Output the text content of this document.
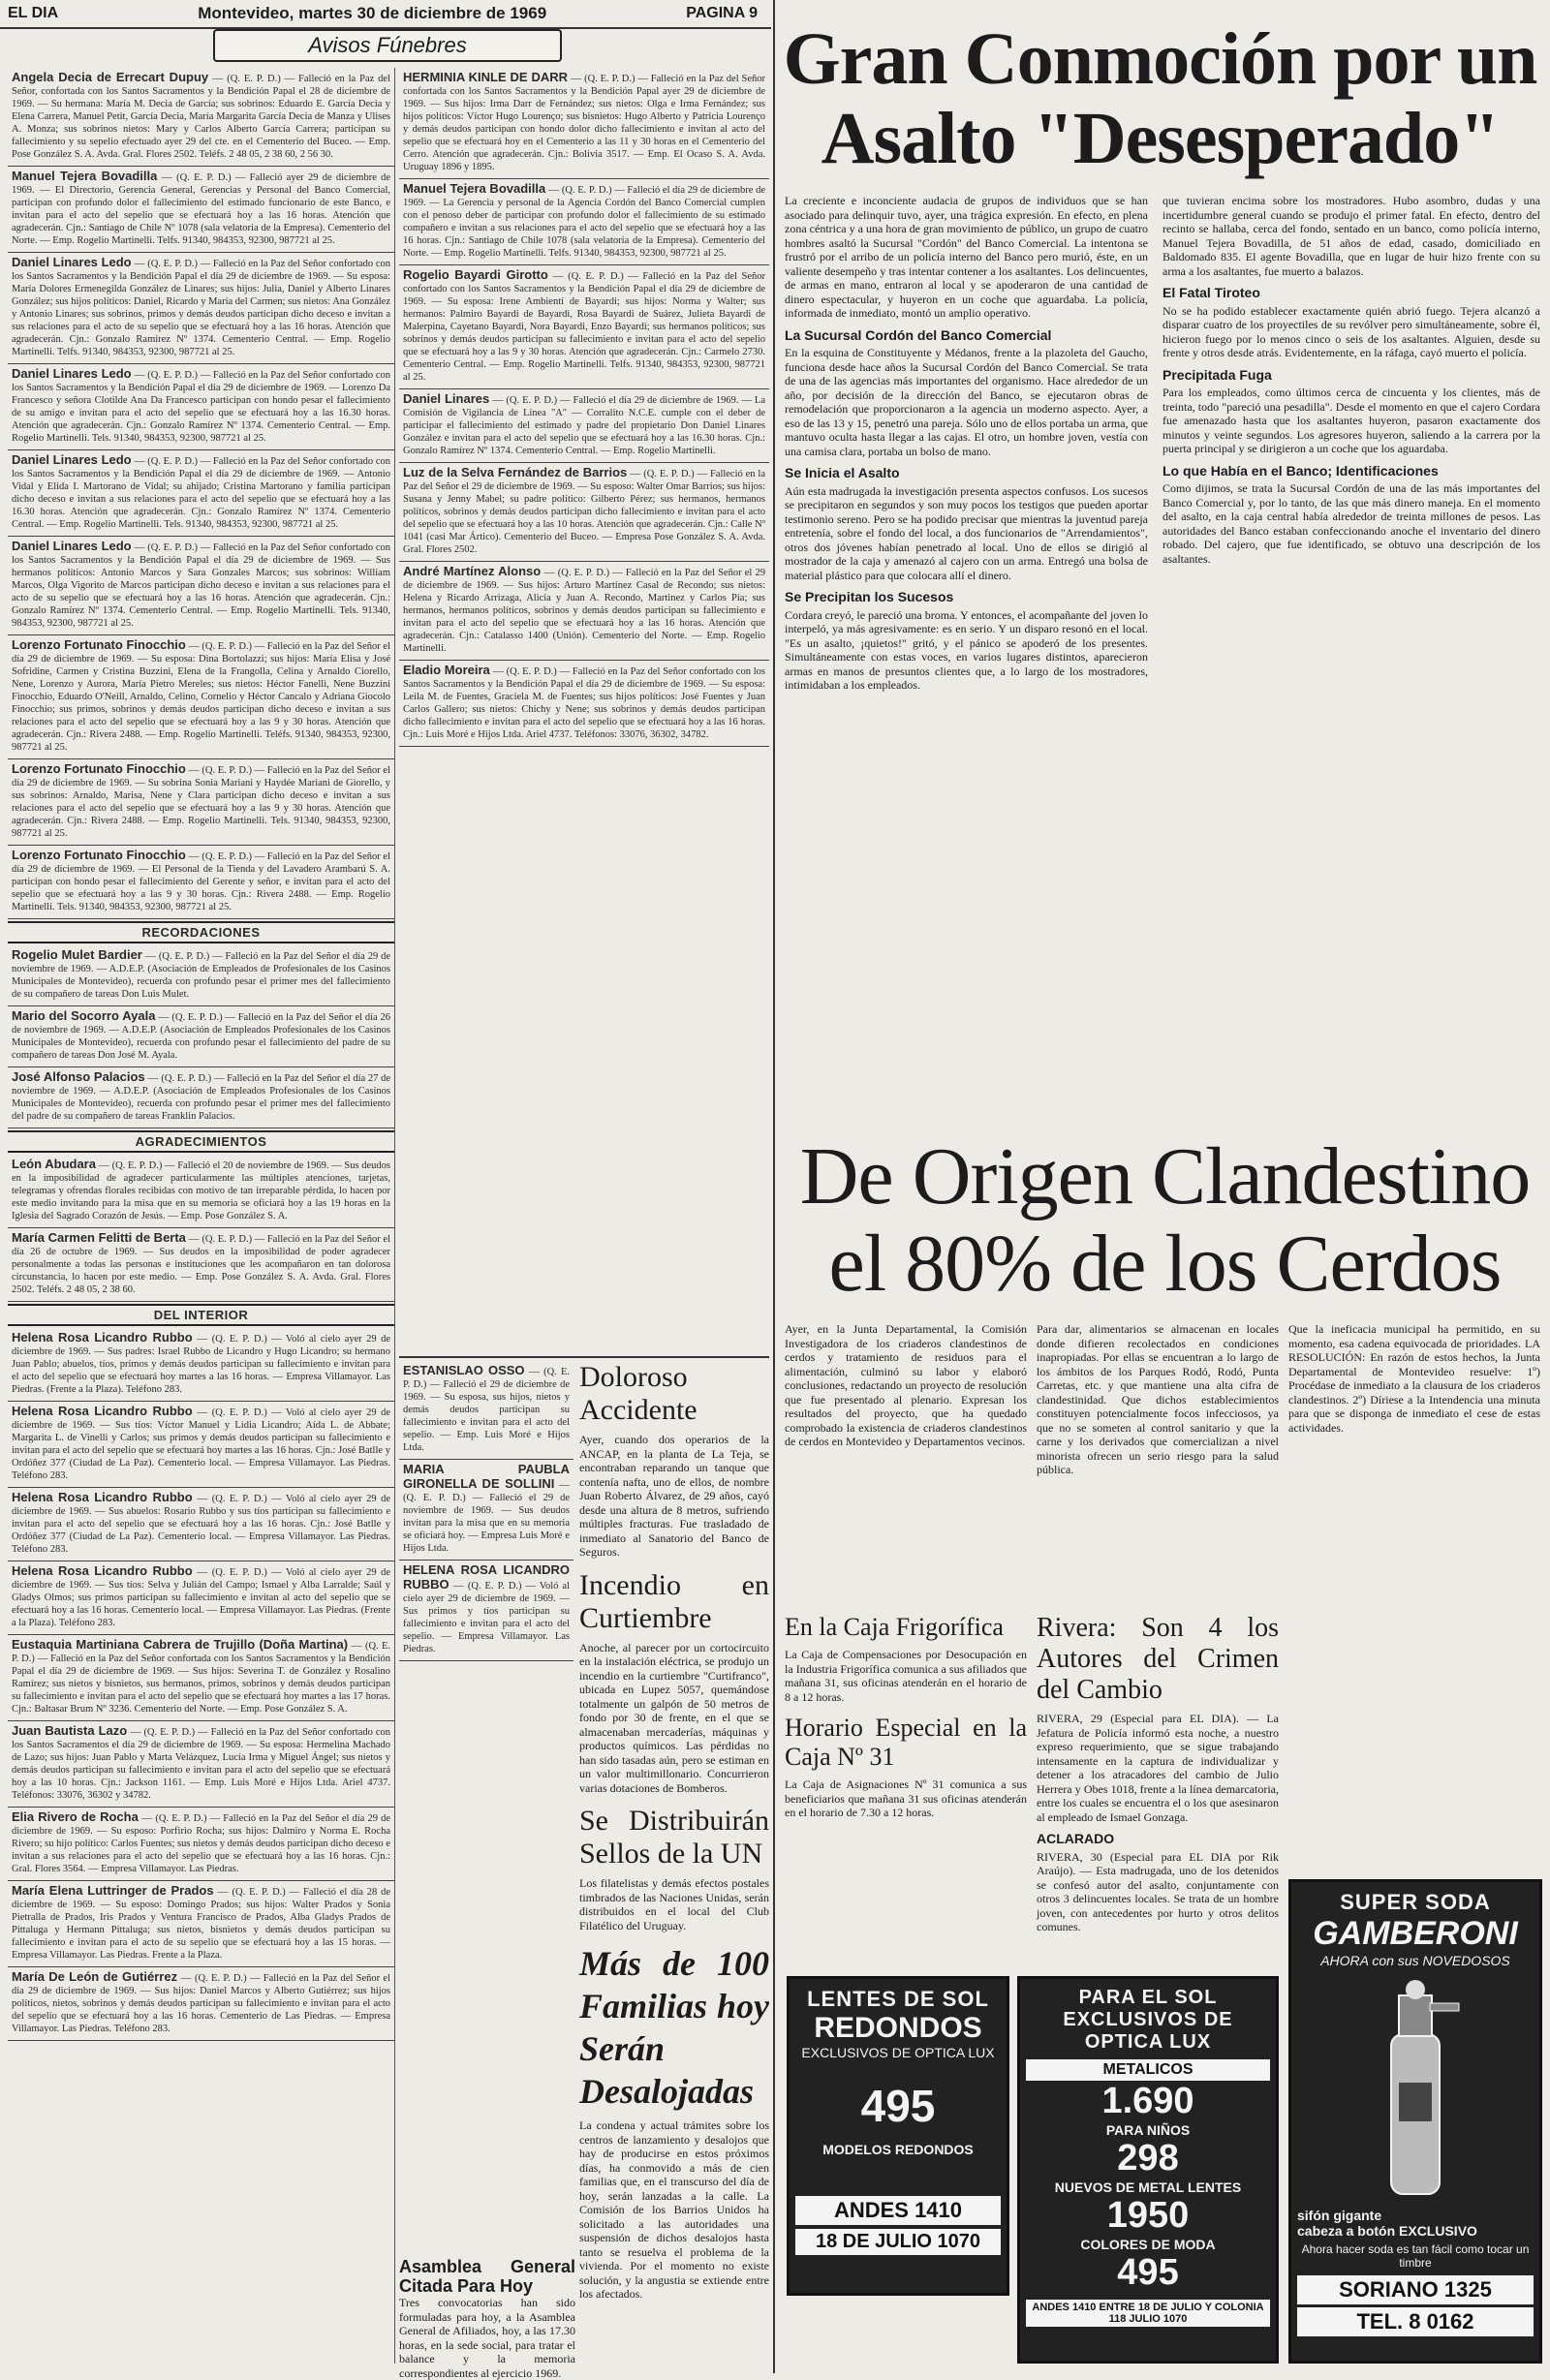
EL DIA	Montevideo, martes 30 de diciembre de 1969	PAGINA 9
Avisos Fúnebres
Angela Decia de Errecart Dupuy — (Q. E. P. D.) — Falleció en la Paz del Señor, confortada con los Santos Sacramentos y la Bendición Papal el 28 de diciembre de 1969. — Su hermana: María M. Decia de García; sus sobrinos: Eduardo E. García Decia y Elena Carrera, Manuel Petit, García Decia, María Margarita García Decia de Manza y Ulises A. Monza; sus sobrinos nietos: Mary y Carlos Alberto García Carrera; participan su fallecimiento y su sepelio efectuado ayer 29 del cte. en el Cementerio del Buceo. — Emp. Pose González S. A. Avda. Gral. Flores 2502. Teléfs. 2 48 05, 2 38 60, 2 56 30.
Manuel Tejera Bovadilla — (Q. E. P. D.) — Falleció ayer 29 de diciembre de 1969. — El Directorio, Gerencia General, Gerencias y Personal del Banco Comercial, participan con profundo dolor el fallecimiento del estimado funcionario de este Banco, e invitan para el acto del sepelio que se efectuará hoy a las 16 horas. Atención que agradecerán. Cjn.: Santiago de Chile Nº 1078 (sala velatoria de la Empresa). Cementerio del Norte. — Emp. Rogelio Martinelli. Telfs. 91340, 984353, 92300, 987721 al 25.
Daniel Linares Ledo — (Q. E. P. D.) — Falleció en la Paz del Señor confortado con los Santos Sacramentos y la Bendición Papal el día 29 de diciembre de 1969. — Su esposa: María Dolores Ermenegilda González de Linares; sus hijos: Julia, Daniel y Alberto Linares González; sus hijos políticos: Daniel, Ricardo y María del Carmen; sus nietos: Ana González y Antonio Linares; sus sobrinos, primos y demás deudos participan dicho deceso e invitan a sus relaciones para el acto de su sepelio que se efectuará hoy a las 16 horas. Atención que agradecerán. Cjn.: Gonzalo Ramírez Nº 1374. Cementerio Central. — Emp. Rogelio Martinelli. Telfs. 91340, 984353, 92300, 987721 al 25.
Daniel Linares Ledo — (Q. E. P. D.) — Falleció en la Paz del Señor confortado con los Santos Sacramentos y la Bendición Papal el día 29 de diciembre de 1969. — Lorenzo Da Francesco y señora Clotilde Ana Da Francesco participan con hondo pesar el fallecimiento de su amigo e invitan para el acto del sepelio que se efectuará hoy a las 16.30 horas. Atención que agradecerán. Cjn.: Gonzalo Ramírez Nº 1374. Cementerio Central. — Emp. Rogelio Martinelli. Tels. 91340, 984353, 92300, 987721 al 25.
Daniel Linares Ledo — (Q. E. P. D.) — Falleció en la Paz del Señor confortado con los Santos Sacramentos y la Bendición Papal el día 29 de diciembre de 1969. — Antonio Vidal y Elida I. Martorano de Vidal; su ahijado; Cristina Martorano y familia participan dicho deceso e invitan a sus relaciones para el acto del sepelio que se efectuará hoy a las 16.30 horas. Atención que agradecerán. Cjn.: Gonzalo Ramírez Nº 1374. Cementerio Central. — Emp. Rogelio Martinelli. Tels. 91340, 984353, 92300, 987721 al 25.
Daniel Linares Ledo — (Q. E. P. D.) — Falleció en la Paz del Señor confortado con los Santos Sacramentos y la Bendición Papal el día 29 de diciembre de 1969. — Sus hermanos políticos: Antonio Marcos y Sara Gonzales Marcos; sus sobrinos: William Marcos, Olga Vigorito de Marcos participan dicho deceso e invitan a sus relaciones para el acto de su sepelio que se efectuará hoy a las 16 horas. Atención que agradecerán. Cjn.: Gonzalo Ramírez Nº 1374. Cementerio Central. — Emp. Rogelio Martinelli. Tels. 91340, 984353, 92300, 987721 al 25.
Lorenzo Fortunato Finocchio — (Q. E. P. D.) — Falleció en la Paz del Señor el día 29 de diciembre de 1969. — Su esposa: Dina Bortolazzi; sus hijos: María Elisa y José Sofridine, Carmen y Cristina Buzzini, Elena de la Frangolla, Celina y Arnaldo Ciorello, Nene, Lorenzo y Aurora, María Pietro Mereles; sus nietos: Héctor Fanelli, Nene Buzzini Finocchio, Eduardo O'Neill, Arnaldo, Celino, Cornelio y Héctor Cancalo y Adriana Giocolo Finocchio; sus primos, sobrinos y demás deudos participan dicho deceso e invitan a sus relaciones para el acto del sepelio que se efectuará hoy a las 9 y 30 horas. Atención que agradecerán. Cjn.: Rivera 2488. — Emp. Rogelio Martinelli. Teléfs. 91340, 984353, 92300, 987721 al 25.
Lorenzo Fortunato Finocchio — (Q. E. P. D.) — Falleció en la Paz del Señor el día 29 de diciembre de 1969. — Su sobrina Sonia Mariani y Haydée Mariani de Giorello, y sus sobrinos: Arnaldo, Marisa, Nene y Clara participan dicho deceso e invitan a sus relaciones para el acto del sepelio que se efectuará hoy a las 9 y 30 horas. Atención que agradecerán. Cjn.: Rivera 2488. — Emp. Rogelio Martinelli. Tels. 91340, 984353, 92300, 987721 al 25.
Lorenzo Fortunato Finocchio — (Q. E. P. D.) — Falleció en la Paz del Señor el día 29 de diciembre de 1969. — El Personal de la Tienda y del Lavadero Arambarú S. A. participan con hondo pesar el fallecimiento del Gerente y señor, e invitan para el acto del sepelio que se efectuará hoy a las 9 y 30 horas. Cjn.: Rivera 2488. — Emp. Rogelio Martinelli. Tels. 91340, 984353, 92300, 987721 al 25.
RECORDACIONES
Rogelio Mulet Bardier — (Q. E. P. D.) — Falleció en la Paz del Señor el día 29 de noviembre de 1969. — A.D.E.P. (Asociación de Empleados de Profesionales de los Casinos Municipales de Montevideo), recuerda con profundo pesar el primer mes del fallecimiento de su compañero de tareas Don Luis Mulet.
Mario del Socorro Ayala — (Q. E. P. D.) — Falleció en la Paz del Señor el día 26 de noviembre de 1969. — A.D.E.P. (Asociación de Empleados Profesionales de los Casinos Municipales de Montevideo), recuerda con profundo pesar el fallecimiento del padre de su compañero de tareas Don José M. Ayala.
José Alfonso Palacios — (Q. E. P. D.) — Falleció en la Paz del Señor el día 27 de noviembre de 1969. — A.D.E.P. (Asociación de Empleados Profesionales de los Casinos Municipales de Montevideo), recuerda con profundo pesar el primer mes del fallecimiento del padre de su compañero de tareas Franklin Palacios.
AGRADECIMIENTOS
León Abudara — (Q. E. P. D.) — Falleció el 20 de noviembre de 1969. — Sus deudos en la imposibilidad de agradecer particularmente las múltiples atenciones, tarjetas, telegramas y ofrendas florales recibidas con motivo de tan irreparable pérdida, lo hacen por este medio invitando para la misa que en su memoria se oficiará hoy a las 19 horas en la Iglesia del Sagrado Corazón de Jesús. — Emp. Pose González S. A.
María Carmen Felitti de Berta — (Q. E. P. D.) — Falleció en la Paz del Señor el día 26 de octubre de 1969. — Sus deudos en la imposibilidad de poder agradecer personalmente a todas las personas e instituciones que les acompañaron en tan dolorosa circunstancia, lo hacen por este medio. — Emp. Pose González S. A. Avda. Gral. Flores 2502. Teléfs. 2 48 05, 2 38 60.
DEL INTERIOR
Helena Rosa Licandro Rubbo — (Q. E. P. D.) — Voló al cielo ayer 29 de diciembre de 1969. — Sus padres: Israel Rubbo de Licandro y Hugo Licandro; su hermano Juan Pablo; abuelos, tíos, primos y demás deudos participan su fallecimiento e invitan para el acto del sepelio que se efectuará hoy martes a las 16 horas. — Empresa Villamayor. Las Piedras. (Frente a la Plaza). Teléfono 283.
Helena Rosa Licandro Rubbo — (Q. E. P. D.) — Voló al cielo ayer 29 de diciembre de 1969. — Sus tíos: Víctor Manuel y Lidia Licandro; Aída L. de Abbate; Margarita L. de Vinelli y Carlos; sus primos y demás deudos participan su fallecimiento e invitan para el acto del sepelio que se efectuará hoy martes a las 16 horas. Cjn.: José Batlle y Ordóñez 377 (Ciudad de La Paz). Cementerio local. — Empresa Villamayor. Las Piedras. Teléfono 283.
Helena Rosa Licandro Rubbo — (Q. E. P. D.) — Voló al cielo ayer 29 de diciembre de 1969. — Sus abuelos: Rosario Rubbo y sus tíos participan su fallecimiento e invitan para el acto del sepelio que se efectuará hoy a las 16 horas. Cjn.: José Batlle y Ordóñez 377 (Ciudad de La Paz). Cementerio local. — Empresa Villamayor. Las Piedras. Teléfono 283.
Helena Rosa Licandro Rubbo — (Q. E. P. D.) — Voló al cielo ayer 29 de diciembre de 1969. — Sus tíos: Selva y Julián del Campo; Ismael y Alba Larralde; Saúl y Gladys Olmos; sus primos participan su fallecimiento e invitan al acto del sepelio que se efectuará hoy a las 16 horas. Cementerio local. — Empresa Villamayor. Las Piedras. (Frente a la Plaza). Teléfono 283.
Eustaquia Martiniana Cabrera de Trujillo (Doña Martina) — (Q. E. P. D.) — Falleció en la Paz del Señor confortada con los Santos Sacramentos y la Bendición Papal el día 29 de diciembre de 1969. — Sus hijos: Severina T. de González y Rosalino Ramírez; sus nietos y bisnietos, sus hermanos, primos, sobrinos y demás deudos participan su fallecimiento e invitan para el acto del sepelio que se efectuará hoy martes a las 17 horas. Cjn.: Baltasar Brum Nº 3236. Cementerio del Norte. — Emp. Pose González S. A.
Juan Bautista Lazo — (Q. E. P. D.) — Falleció en la Paz del Señor confortado con los Santos Sacramentos el día 29 de diciembre de 1969. — Su esposa: Hermelina Machado de Lazo; sus hijos: Juan Pablo y Marta Velázquez, Lucía Irma y Miguel Ángel; sus nietos y demás deudos participan su fallecimiento e invitan para el acto del sepelio que se efectuará hoy a las 10 horas. Cjn.: Jackson 1161. — Emp. Luis Moré e Hijos Ltda. Ariel 4737. Teléfonos: 33076, 36302 y 34782.
Elia Rivero de Rocha — (Q. E. P. D.) — Falleció en la Paz del Señor el día 29 de diciembre de 1969. — Su esposo: Porfirio Rocha; sus hijos: Dalmiro y Norma E. Rocha Rivero; su hijo político: Carlos Fuentes; sus nietos y demás deudos participan dicho deceso e invitan a sus relaciones para el acto del sepelio que se efectuará hoy a las 16 horas. Cjn.: Gral. Flores 3564. — Empresa Villamayor. Las Piedras.
María Elena Luttringer de Prados — (Q. E. P. D.) — Falleció el día 28 de diciembre de 1969. — Su esposo: Domingo Prados; sus hijos: Walter Prados y Sonia Pietralla de Prados, Iris Prados y Ventura Francisco de Prados, Alba Gladys Prados de Pittaluga y Hermann Pittaluga; sus nietos, bisnietos y demás deudos participan su fallecimiento e invitan para el acto de su sepelio que se efectuará hoy a las 15 horas. — Empresa Villamayor. Las Piedras. Frente a la Plaza.
María De León de Gutiérrez — (Q. E. P. D.) — Falleció en la Paz del Señor el día 29 de diciembre de 1969. — Sus hijos: Daniel Marcos y Alberto Gutiérrez; sus hijos políticos, nietos, sobrinos y demás deudos participan su fallecimiento e invitan para el acto del sepelio que se efectuará hoy a las 16 horas. Cementerio de Las Piedras. — Empresa Villamayor. Las Piedras. Teléfono 283.
HERMINIA KINLE DE DARR — (Q. E. P. D.) — Falleció en la Paz del Señor confortada con los Santos Sacramentos y la Bendición Papal ayer 29 de diciembre de 1969. — Sus hijos: Irma Darr de Fernández; sus nietos: Olga e Irma Fernández; sus hijos políticos: Víctor Hugo Lourenço; sus bisnietos: Hugo Alberto y Patricia Lourenço y demás deudos participan con hondo dolor dicho fallecimiento e invitan al acto del sepelio que se efectuará hoy en el Cementerio a las 11 y 30 horas en el Cementerio del Cerro. Atención que agradecerán. Cjn.: Bolivia 3517. — Emp. El Ocaso S. A. Avda. Uruguay 1896 y 1895.
Manuel Tejera Bovadilla — (Q. E. P. D.) — Falleció el día 29 de diciembre de 1969. — La Gerencia y personal de la Agencia Cordón del Banco Comercial cumplen con el penoso deber de participar con profundo dolor el fallecimiento de su estimado compañero e invitan a sus relaciones para el acto del sepelio que se efectuará hoy a las 16 horas. Cjn.: Santiago de Chile 1078 (sala velatoria de la Empresa). Cementerio del Norte. — Emp. Rogelio Martinelli. Telfs. 91340, 984353, 92300, 987721 al 25.
Rogelio Bayardi Girotto — (Q. E. P. D.) — Falleció en la Paz del Señor confortado con los Santos Sacramentos y la Bendición Papal el día 29 de diciembre de 1969. — Su esposa: Irene Ambientí de Bayardi; sus hijos: Norma y Walter; sus hermanos: Palmiro Bayardi de Bayardi, Rosa Bayardi de Suárez, Julieta Bayardi de Malerpina, Cayetano Bayardi, Nora Bayardi, Enzo Bayardi; sus hermanos políticos; sus sobrinos y demás deudos participan su fallecimiento e invitan para el acto del sepelio que se efectuará hoy a las 9 y 30 horas. Atención que agradecerán. Cjn.: Carmelo 2730. Cementerio Central. — Emp. Rogelio Martinelli. Telfs. 91340, 984353, 92300, 987721 al 25.
Daniel Linares — (Q. E. P. D.) — Falleció el día 29 de diciembre de 1969. — La Comisión de Vigilancia de Línea "A" — Corralito N.C.E. cumple con el deber de participar el fallecimiento del estimado y padre del propietario Don Daniel Linares González e invitan para el acto del sepelio que se efectuará hoy a las 16.30 horas. Cjn.: Gonzalo Ramírez Nº 1374. Cementerio Central. — Emp. Rogelio Martinelli.
Luz de la Selva Fernández de Barrios — (Q. E. P. D.) — Falleció en la Paz del Señor el 29 de diciembre de 1969. — Su esposo: Walter Omar Barrios; sus hijos: Susana y Jenny Mabel; su padre político: Gilberto Pérez; sus hermanos, hermanos políticos, sobrinos y demás deudos participan dicho fallecimiento e invitan para el acto del sepelio que se efectuará hoy a las 10 horas. Atención que agradecerán. Cjn.: Calle Nº 1041 (casi Mar Ártico). Cementerio del Buceo. — Empresa Pose González S. A. Avda. Gral. Flores 2502.
André Martínez Alonso — (Q. E. P. D.) — Falleció en la Paz del Señor el 29 de diciembre de 1969. — Sus hijos: Arturo Martínez Casal de Recondo; sus nietos: Helena y Ricardo Arrizaga, Alicia y Juan A. Recondo, Martinez y Carlos Pía; sus hermanos, hermanos políticos, sobrinos y demás deudos participan su fallecimiento e invitan para el acto del sepelio que se efectuará hoy a las 16 horas. Atención que agradecerán. Cjn.: Catalasso 1400 (Unión). Cementerio del Norte. — Emp. Rogelio Martinelli.
Eladio Moreira — (Q. E. P. D.) — Falleció en la Paz del Señor confortado con los Santos Sacramentos y la Bendición Papal el día 29 de diciembre de 1969. — Su esposa: Leila M. de Fuentes, Graciela M. de Fuentes; sus hijos políticos: José Fuentes y Juan Carlos Gallero; sus nietos: Chichy y Nene; sus sobrinos y demás deudos participan dicho fallecimiento e invitan para el acto del sepelio que se efectuará hoy a las 16 horas. Cjn.: Luis Moré e Hijos Ltda. Ariel 4737. Teléfonos: 33076, 36302, 34782.
ESTANISLAO OSSO — (Q. E. P. D.) — Falleció el 29 de diciembre de 1969. — Su esposa, sus hijos, nietos y demás deudos participan su fallecimiento e invitan para el acto del sepelio. — Emp. Luis Moré e Hijos Ltda.
MARIA PAUBLA GIRONELLA DE SOLLINI — (Q. E. P. D.) — Falleció el 29 de noviembre de 1969. — Sus deudos invitan para la misa que en su memoria se oficiará hoy. — Empresa Luis Moré e Hijos Ltda.
HELENA ROSA LICANDRO RUBBO — (Q. E. P. D.) — Voló al cielo ayer 29 de diciembre de 1969. — Sus primos y tíos participan su fallecimiento e invitan para el acto del sepelio. — Empresa Villamayor. Las Piedras.
Doloroso Accidente
Ayer, cuando dos operarios de la ANCAP, en la planta de La Teja, se encontraban reparando un tanque que contenía nafta, uno de ellos, de nombre Juan Roberto Álvarez, de 29 años, cayó desde una altura de 8 metros, sufriendo múltiples fracturas. Fue trasladado de inmediato al Sanatorio del Banco de Seguros.
Incendio en Curtiembre
Anoche, al parecer por un cortocircuito en la instalación eléctrica, se produjo un incendio en la curtiembre "Curtifranco", ubicada en Lupez 5057, quemándose totalmente un galpón de 50 metros de fondo por 30 de frente, en el que se almacenaban mercaderías, máquinas y productos químicos. Las pérdidas no han sido tasadas aún, pero se estiman en un valor multimillonario. Concurrieron varias dotaciones de Bomberos.
Se Distribuirán Sellos de la UN
Los filatelistas y demás efectos postales timbrados de las Naciones Unidas, serán distribuidos en el local del Club Filatélico del Uruguay.
Más de 100 Familias hoy Serán Desalojadas
La condena y actual trámites sobre los centros de lanzamiento y desalojos que hay de producirse en estos próximos días, ha conmovido a más de cien familias que, en el transcurso del día de hoy, serán lanzadas a la calle. La Comisión de los Barrios Unidos ha solicitado a las autoridades una suspensión de dichos desalojos hasta tanto se resuelva el problema de la vivienda. Por el momento no existe solución, y la angustia se extiende entre los afectados.
Asamblea General Citada Para Hoy
Tres convocatorias han sido formuladas para hoy, a la Asamblea General de Afiliados, hoy, a las 17.30 horas, en la sede social, para tratar el balance y la memoria correspondientes al ejercicio 1969.
Gran Conmoción por un Asalto "Desesperado"
La creciente e inconciente audacia de grupos de individuos que se han asociado para delinquir tuvo, ayer, una trágica expresión. En efecto, en plena zona céntrica y a una hora de gran movimiento de público, un grupo de cuatro hombres asaltó la Sucursal "Cordón" del Banco Comercial. La intentona se frustró por el arribo de un policía interno del Banco pero murió, éste, en un valiente desempeño y tras intentar contener a los asaltantes. Los delincuentes, de armas en mano, entraron al local y se apoderaron de una cantidad de dinero espectacular, y huyeron en un coche que aguardaba. La policía, informada de inmediato, montó un amplio operativo.
La Sucursal Cordón del Banco Comercial
En la esquina de Constituyente y Médanos, frente a la plazoleta del Gaucho, funciona desde hace años la Sucursal Cordón del Banco Comercial. Se trata de una de las agencias más importantes del organismo. Hace alrededor de un año, por decisión de la dirección del Banco, se ejecutaron obras de remodelación que proporcionaron a la agencia un moderno aspecto. Ayer, a eso de las 13 y 15, penetró una pareja. Sólo uno de ellos portaba un arma, que mantuvo oculta hasta llegar a las cajas. El otro, un hombre joven, vestía con una camisa clara, portaba un bolso de mano.
Se Inicia el Asalto
Aún esta madrugada la investigación presenta aspectos confusos. Los sucesos se precipitaron en segundos y son muy pocos los testigos que pueden aportar testimonio sereno. Pero se ha podido precisar que mientras la juventud pareja entretenía, sobre el fondo del local, a dos funcionarios de "Arrendamientos", otros dos jóvenes habían penetrado al local. Uno de ellos se dirigió al mostrador de la caja y amenazó al cajero con un arma. Entregó una bolsa de material plástico para que colocara allí el dinero.
Se Precipitan los Sucesos
Cordara creyó, le pareció una broma. Y entonces, el acompañante del joven lo interpeló, ya más agresivamente: es en serio. Y un disparo resonó en el local. "Es un asalto, ¡quietos!" gritó, y el pánico se apoderó de los presentes. Simultáneamente con estas voces, en varios lugares distintos, aparecieron armas en manos de presuntos clientes que, a lo largo de los mostradores, intimidaban a los empleados.
que tuvieran encima sobre los mostradores. Hubo asombro, dudas y una incertidumbre general cuando se produjo el primer fatal. En efecto, dentro del recinto se hallaba, cerca del fondo, sentado en un banco, como policía interno, Manuel Tejera Bovadilla, de 51 años de edad, casado, domiciliado en Baldomado 835. El agente Bovadilla, que en lugar de huir hizo frente con su arma a los asaltantes, fue muerto a balazos.
El Fatal Tiroteo
No se ha podido establecer exactamente quién abrió fuego. Tejera alcanzó a disparar cuatro de los proyectiles de su revólver pero simultáneamente, sobre él, hicieron fuego por lo menos cinco o seis de los asaltantes. Alguien, desde su frente y otros desde atrás. Evidentemente, en la ráfaga, cayó muerto el policía.
Precipitada Fuga
Para los empleados, como últimos cerca de cincuenta y los clientes, más de treinta, todo "pareció una pesadilla". Desde el momento en que el cajero Cordara fue amenazado hasta que los asaltantes huyeron, pasaron exactamente dos minutos y veinte segundos. Los agresores huyeron, saliendo a la carrera por la puerta principal y se dirigieron a un coche que los aguardaba.
Lo que Había en el Banco; Identificaciones
Como dijimos, se trata la Sucursal Cordón de una de las más importantes del Banco Comercial y, por lo tanto, de las que más dinero maneja. En el momento del asalto, en la caja central había alrededor de treinta millones de pesos. Las autoridades del Banco estaban confeccionando anoche el inventario del dinero robado. Del cajero, que fue identificado, se obtuvo una descripción de los asaltantes.
De Origen Clandestino el 80% de los Cerdos
Ayer, en la Junta Departamental, la Comisión Investigadora de los criaderos clandestinos de cerdos y tratamiento de residuos para el alimentación, culminó su labor y elaboró conclusiones, redactando un proyecto de resolución que fue presentado al plenario. Expresan los resultados del proyecto, que ha quedado comprobado la existencia de criaderos clandestinos de cerdos en Montevideo y Departamentos vecinos.
Para dar, alimentarios se almacenan en locales donde difieren recolectados en condiciones inapropiadas. Por ellas se encuentran a lo largo de los ámbitos de los Parques Rodó, Rodó, Punta Carretas, etc. y que mantiene una alta cifra de clandestinidad. Que dichos establecimientos constituyen potencialmente focos infecciosos, ya que no se someten al control sanitario y que la carne y los derivados que comercializan a nivel minorista ofrecen un serio riesgo para la salud pública.
Que la ineficacia municipal ha permitido, en su momento, esa cadena equivocada de prioridades. LA RESOLUCIÓN: En razón de estos hechos, la Junta Departamental de Montevideo resuelve: 1º) Procédase de inmediato a la clausura de los criaderos clandestinos. 2º) Díriese a la Intendencia una minuta para que se disponga de inmediato el cese de estas actividades.
En la Caja Frigorífica
La Caja de Compensaciones por Desocupación en la Industria Frigorífica comunica a sus afiliados que mañana 31, sus oficinas atenderán en el horario de 8 a 12 horas.
Horario Especial en la Caja Nº 31
La Caja de Asignaciones Nº 31 comunica a sus beneficiarios que mañana 31 sus oficinas atenderán en el horario de 7.30 a 12 horas.
Rivera: Son 4 los Autores del Crimen del Cambio
RIVERA, 29 (Especial para EL DIA). — La Jefatura de Policía informó esta noche, a nuestro expreso requerimiento, que se sigue trabajando intensamente en la captura de individualizar y detener a los atracadores del cambio de Julio Herrera y Obes 1018, frente a la línea demarcatoria, entre los cuales se encuentra el o los que asesinaron al empleado de Ismael Gonzaga.
ACLARADO
RIVERA, 30 (Especial para EL DIA por Rik Araújo). — Esta madrugada, uno de los detenidos se confesó autor del asalto, conjuntamente con otros 3 delincuentes locales. Se trata de un hombre joven, con antecedentes por hurto y otros delitos comunes.
LENTES DE SOL
REDONDOS
EXCLUSIVOS DE OPTICA LUX
495
MODELOS REDONDOS
ANDES 1410
18 DE JULIO 1070
PARA EL SOL EXCLUSIVOS DE OPTICA LUX
METALICOS
1.690
PARA NIÑOS
298
NUEVOS DE METAL LENTES
1950
COLORES DE MODA
495
ANDES 1410 ENTRE 18 DE JULIO Y COLONIA 118 JULIO 1070
SUPER SODA
GAMBERONI
AHORA con sus NOVEDOSOS
sifón gigante
cabeza a botón EXCLUSIVO
Ahora hacer soda es tan fácil como tocar un timbre
SORIANO 1325
TEL. 8 0162
